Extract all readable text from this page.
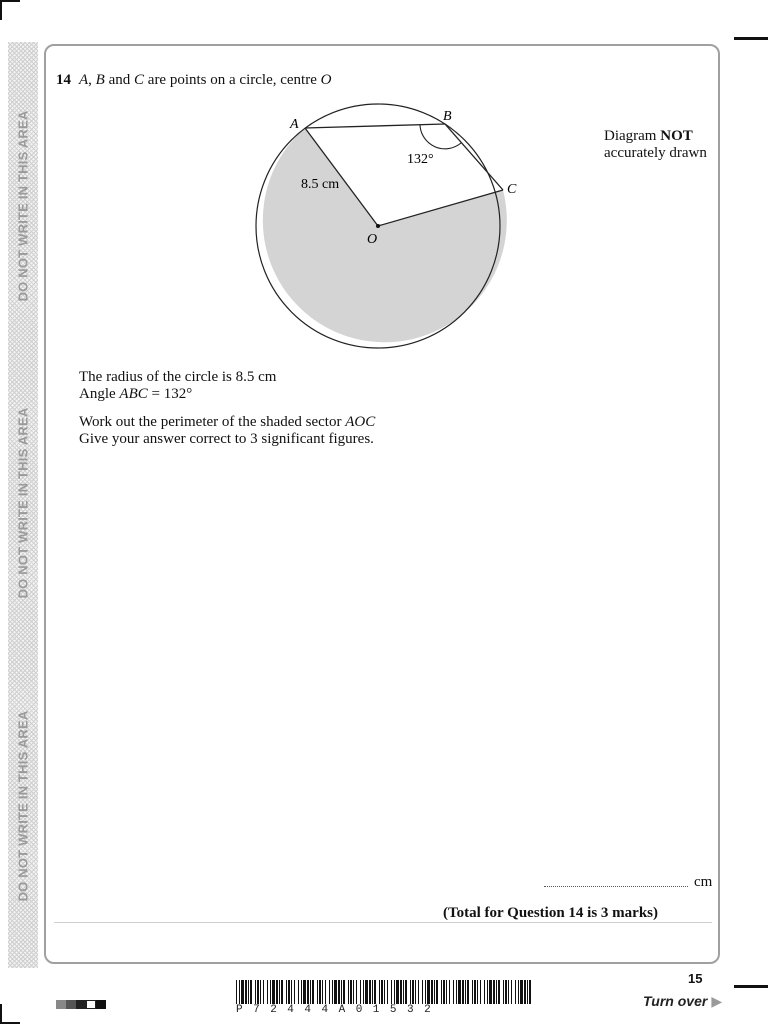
DO NOT WRITE IN THIS AREA
DO NOT WRITE IN THIS AREA
DO NOT WRITE IN THIS AREA
14 A, B and C are points on a circle, centre O
A
B
C
O
8.5 cm
132°
Diagram NOT
accurately drawn
The radius of the circle is 8.5 cm
Angle ABC = 132°
Work out the perimeter of the shaded sector AOC
Give your answer correct to 3 significant figures.
cm
(Total for Question 14 is 3 marks)
15
Turn over ▶
P72444A01532
